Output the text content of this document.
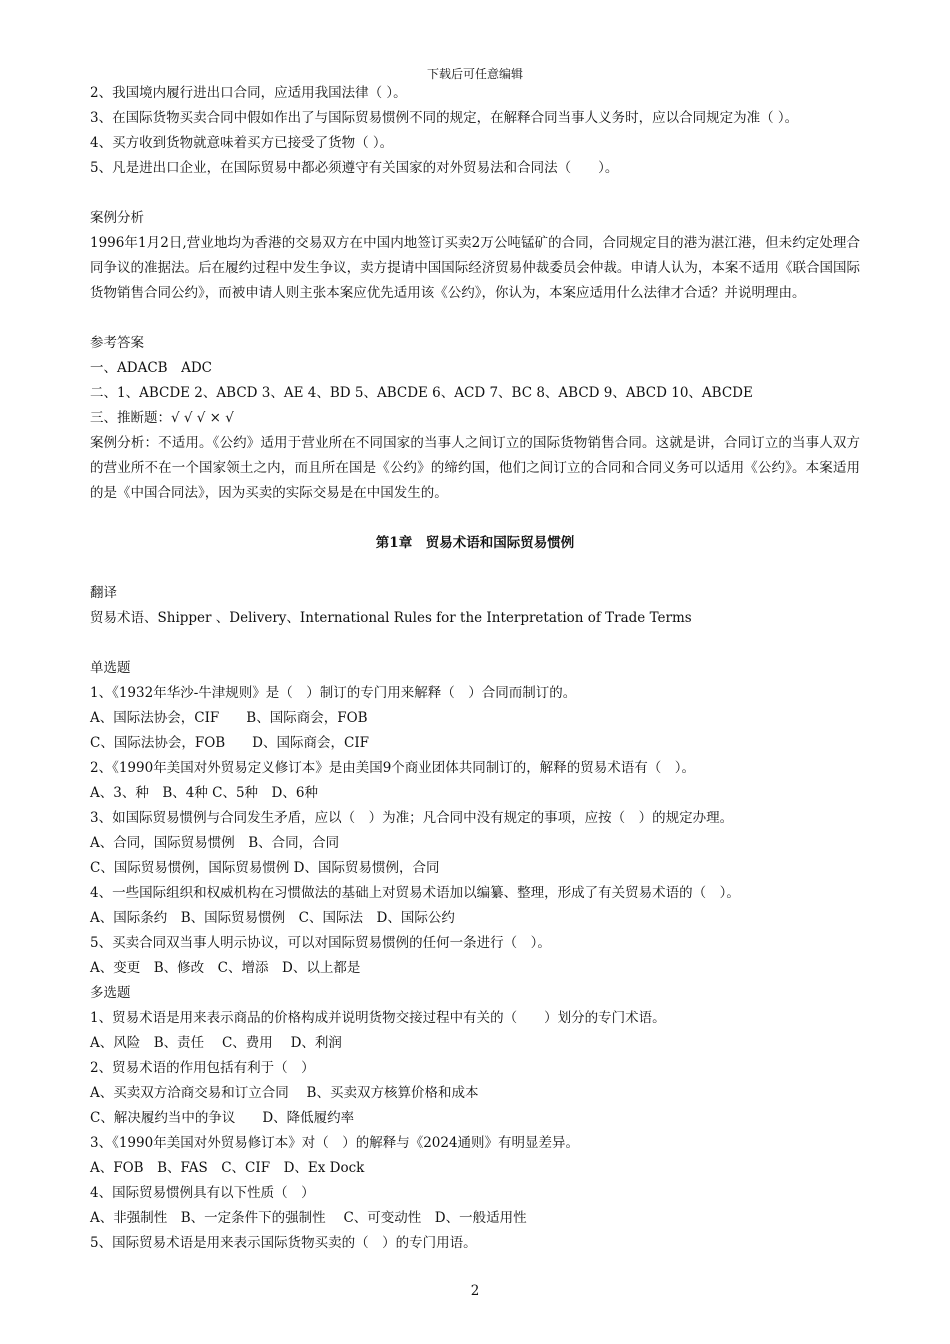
下载后可任意编辑
2、我国境内履行进出口合同，应适用我国法律（ ）。
3、在国际货物买卖合同中假如作出了与国际贸易惯例不同的规定，在解释合同当事人义务时，应以合同规定为准（ ）。
4、买方收到货物就意味着买方已接受了货物（ ）。
5、凡是进出口企业，在国际贸易中都必须遵守有关国家的对外贸易法和合同法（　　）。
案例分析
1996年1月2日,营业地均为香港的交易双方在中国内地签订买卖2万公吨锰矿的合同，合同规定目的港为湛江港，但未约定处理合同争议的准据法。后在履约过程中发生争议，卖方提请中国国际经济贸易仲裁委员会仲裁。申请人认为，本案不适用《联合国国际货物销售合同公约》，而被申请人则主张本案应优先适用该《公约》，你认为，本案应适用什么法律才合适？并说明理由。
参考答案
一、ADACB　ADC
二、1、ABCDE 2、ABCD 3、AE 4、BD 5、ABCDE 6、ACD 7、BC 8、ABCD 9、ABCD 10、ABCDE
三、推断题：√ √ √ × √
案例分析：不适用。《公约》适用于营业所在不同国家的当事人之间订立的国际货物销售合同。这就是讲，合同订立的当事人双方的营业所不在一个国家领土之内，而且所在国是《公约》的缔约国，他们之间订立的合同和合同义务可以适用《公约》。本案适用的是《中国合同法》，因为买卖的实际交易是在中国发生的。
第1章　贸易术语和国际贸易惯例
翻译
贸易术语、Shipper 、Delivery、International Rules for the Interpretation of Trade Terms
单选题
1、《1932年华沙-牛津规则》是（　）制订的专门用来解释（　）合同而制订的。
A、国际法协会，CIF　　B、国际商会，FOB
C、国际法协会，FOB　　D、国际商会，CIF
2、《1990年美国对外贸易定义修订本》是由美国9个商业团体共同制订的，解释的贸易术语有（　）。
A、3、种　B、4种 C、5种　D、6种
3、如国际贸易惯例与合同发生矛盾，应以（　）为准；凡合同中没有规定的事项，应按（　）的规定办理。
A、合同，国际贸易惯例　B、合同，合同
C、国际贸易惯例，国际贸易惯例 D、国际贸易惯例，合同
4、一些国际组织和权威机构在习惯做法的基础上对贸易术语加以编纂、整理，形成了有关贸易术语的（　）。
A、国际条约　B、国际贸易惯例　C、国际法　D、国际公约
5、买卖合同双当事人明示协议，可以对国际贸易惯例的任何一条进行（　）。
A、变更　B、修改　C、增添　D、以上都是
多选题
1、贸易术语是用来表示商品的价格构成并说明货物交接过程中有关的（　　）划分的专门术语。
A、风险　B、责任　 C、费用　 D、利润
2、贸易术语的作用包括有利于（　）
A、买卖双方洽商交易和订立合同　 B、买卖双方核算价格和成本
C、解决履约当中的争议　　D、降低履约率
3、《1990年美国对外贸易修订本》对（　）的解释与《2024通则》有明显差异。
A、FOB　B、FAS　C、CIF　D、Ex Dock
4、国际贸易惯例具有以下性质（　）
A、非强制性　B、一定条件下的强制性　 C、可变动性　D、一般适用性
5、国际贸易术语是用来表示国际货物买卖的（　）的专门用语。
2
